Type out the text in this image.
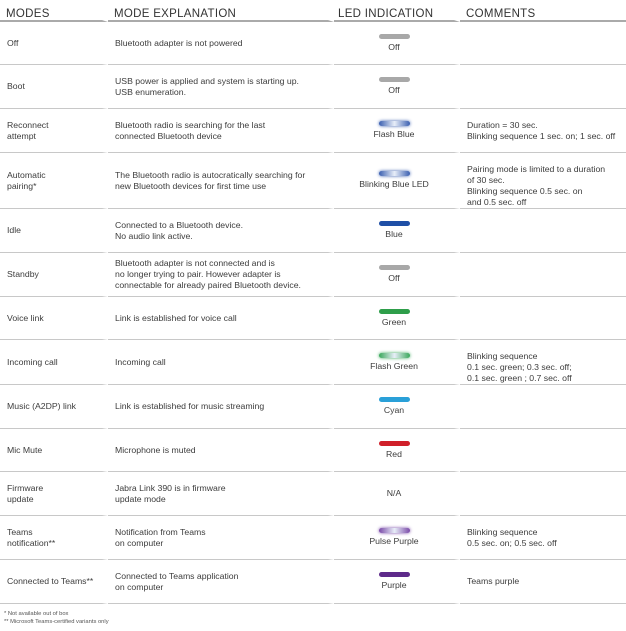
MODES	MODE EXPLANATION	LED INDICATION	COMMENTS

Off	Bluetooth adapter is not powered	Off	

Boot	USB power is applied and system is starting up.
USB enumeration.	Off	

Reconnect
attempt	Bluetooth radio is searching for the last
connected Bluetooth device	Flash Blue	Duration = 30 sec.
Blinking sequence 1 sec. on; 1 sec. off

Automatic
pairing*	The Bluetooth radio is autocratically searching for
new Bluetooth devices for first time use	Blinking Blue LED	Pairing mode is limited to a duration
of 30 sec.
Blinking sequence 0.5 sec. on
and 0.5 sec. off

Idle	Connected to a Bluetooth device.
No audio link active.	Blue	

Standby	Bluetooth adapter is not connected and is
no longer trying to pair. However adapter is
connectable for already paired Bluetooth device.	Off	

Voice link	Link is established for voice call	Green	

Incoming call	Incoming call	Flash Green	Blinking sequence
0.1 sec. green; 0.3 sec. off;
0.1 sec. green ; 0.7 sec. off

Music (A2DP) link	Link is established for music streaming	Cyan	

Mic Mute	Microphone is muted	Red	

Firmware
update	Jabra Link 390 is in firmware
update mode	N/A	

Teams
notification**	Notification from Teams
on computer	Pulse Purple	Blinking sequence
0.5 sec. on; 0.5 sec. off

Connected to Teams**	Connected to Teams application
on computer	Purple	Teams purple
* Not available out of box
** Microsoft Teams-certified variants only
